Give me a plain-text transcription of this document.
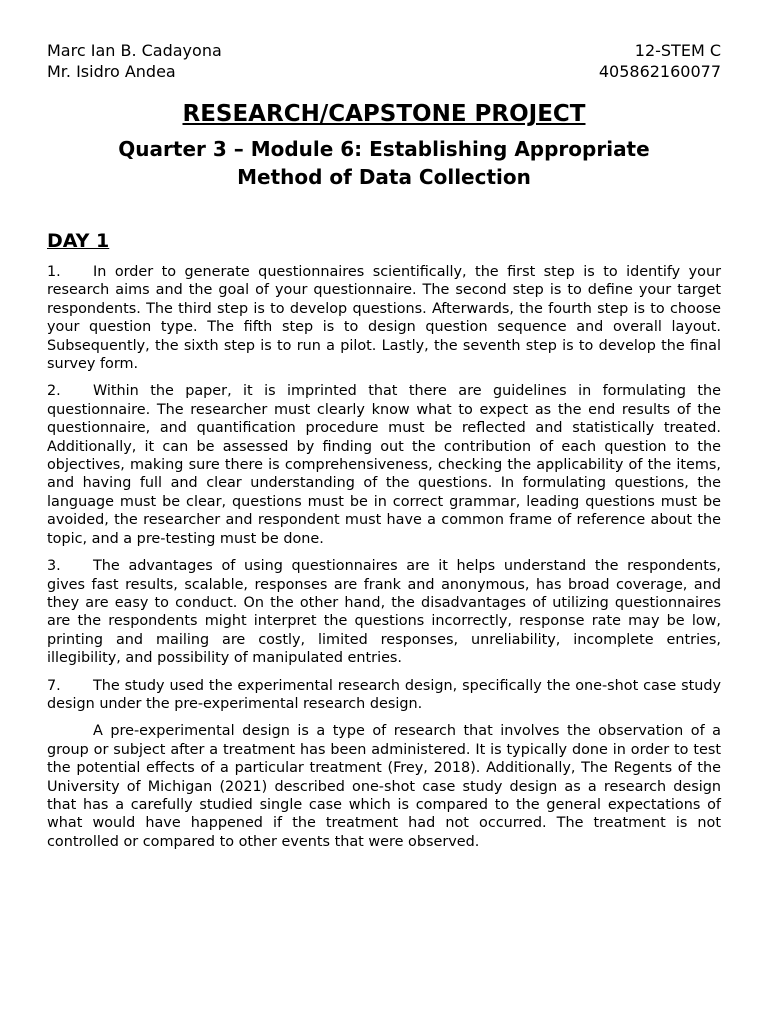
Marc Ian B. Cadayona	12-STEM C
Mr. Isidro Andea	405862160077
RESEARCH/CAPSTONE PROJECT
Quarter 3 – Module 6: Establishing Appropriate
Method of Data Collection
DAY 1
1. In order to generate questionnaires scientifically, the first step is to identify your research aims and the goal of your questionnaire. The second step is to define your target respondents. The third step is to develop questions. Afterwards, the fourth step is to choose your question type. The fifth step is to design question sequence and overall layout. Subsequently, the sixth step is to run a pilot. Lastly, the seventh step is to develop the final survey form.
2. Within the paper, it is imprinted that there are guidelines in formulating the questionnaire. The researcher must clearly know what to expect as the end results of the questionnaire, and quantification procedure must be reflected and statistically treated. Additionally, it can be assessed by finding out the contribution of each question to the objectives, making sure there is comprehensiveness, checking the applicability of the items, and having full and clear understanding of the questions. In formulating questions, the language must be clear, questions must be in correct grammar, leading questions must be avoided, the researcher and respondent must have a common frame of reference about the topic, and a pre-testing must be done.
3. The advantages of using questionnaires are it helps understand the respondents, gives fast results, scalable, responses are frank and anonymous, has broad coverage, and they are easy to conduct. On the other hand, the disadvantages of utilizing questionnaires are the respondents might interpret the questions incorrectly, response rate may be low, printing and mailing are costly, limited responses, unreliability, incomplete entries, illegibility, and possibility of manipulated entries.
7. The study used the experimental research design, specifically the one-shot case study design under the pre-experimental research design.
A pre-experimental design is a type of research that involves the observation of a group or subject after a treatment has been administered. It is typically done in order to test the potential effects of a particular treatment (Frey, 2018). Additionally, The Regents of the University of Michigan (2021) described one-shot case study design as a research design that has a carefully studied single case which is compared to the general expectations of what would have happened if the treatment had not occurred. The treatment is not controlled or compared to other events that were observed.
